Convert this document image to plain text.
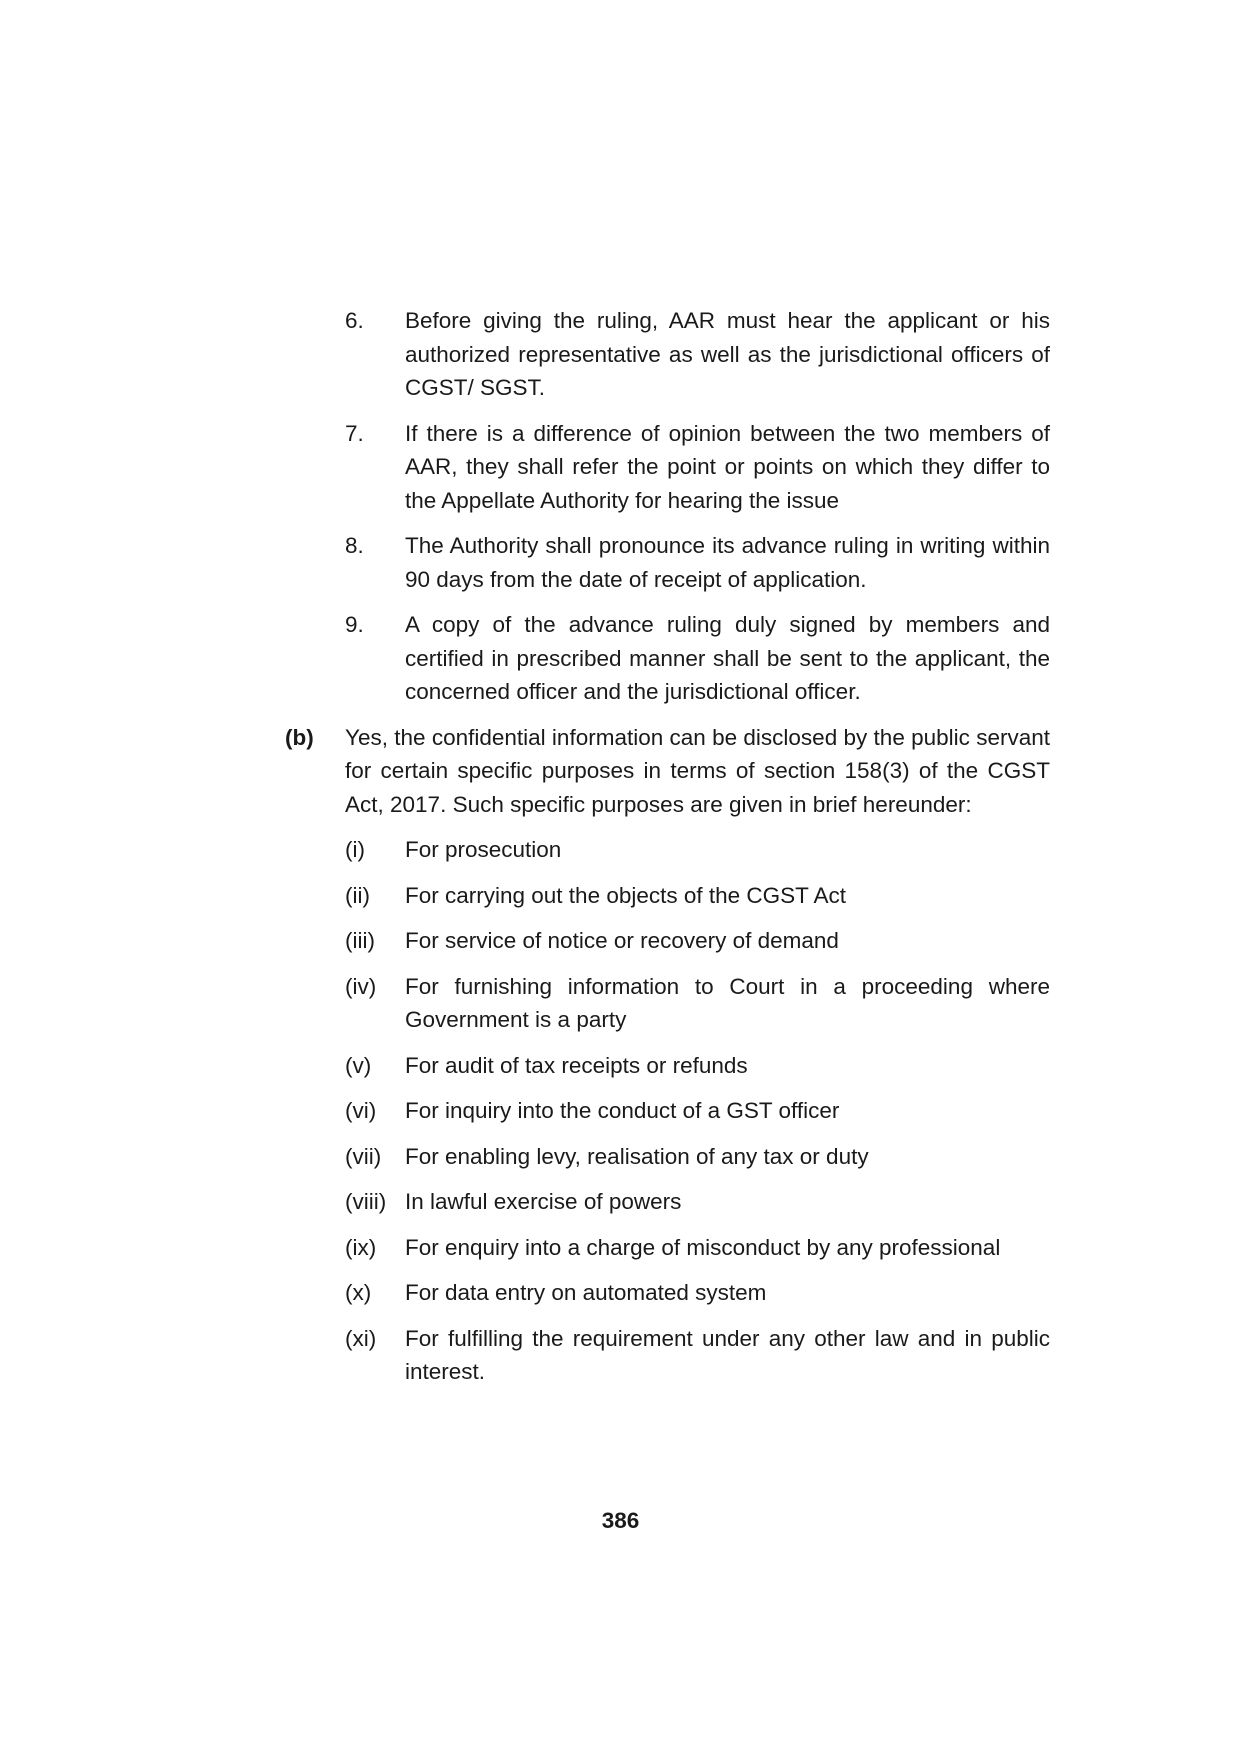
6.	Before giving the ruling, AAR must hear the applicant or his authorized representative as well as the jurisdictional officers of CGST/ SGST.
7.	If there is a difference of opinion between the two members of AAR, they shall refer the point or points on which they differ to the Appellate Authority for hearing the issue
8.	The Authority shall pronounce its advance ruling in writing within 90 days from the date of receipt of application.
9.	A copy of the advance ruling duly signed by members and certified in prescribed manner shall be sent to the applicant, the concerned officer and the jurisdictional officer.
(b)	Yes, the confidential information can be disclosed by the public servant for certain specific purposes in terms of section 158(3) of the CGST Act, 2017. Such specific purposes are given in brief hereunder:
(i)	For prosecution
(ii)	For carrying out the objects of the CGST Act
(iii)	For service of notice or recovery of demand
(iv)	For furnishing information to Court in a proceeding where Government is a party
(v)	For audit of tax receipts or refunds
(vi)	For inquiry into the conduct of a GST officer
(vii)	For enabling levy, realisation of any tax or duty
(viii) In lawful exercise of powers
(ix)	For enquiry into a charge of misconduct by any professional
(x)	For data entry on automated system
(xi)	For fulfilling the requirement under any other law and in public interest.
386
